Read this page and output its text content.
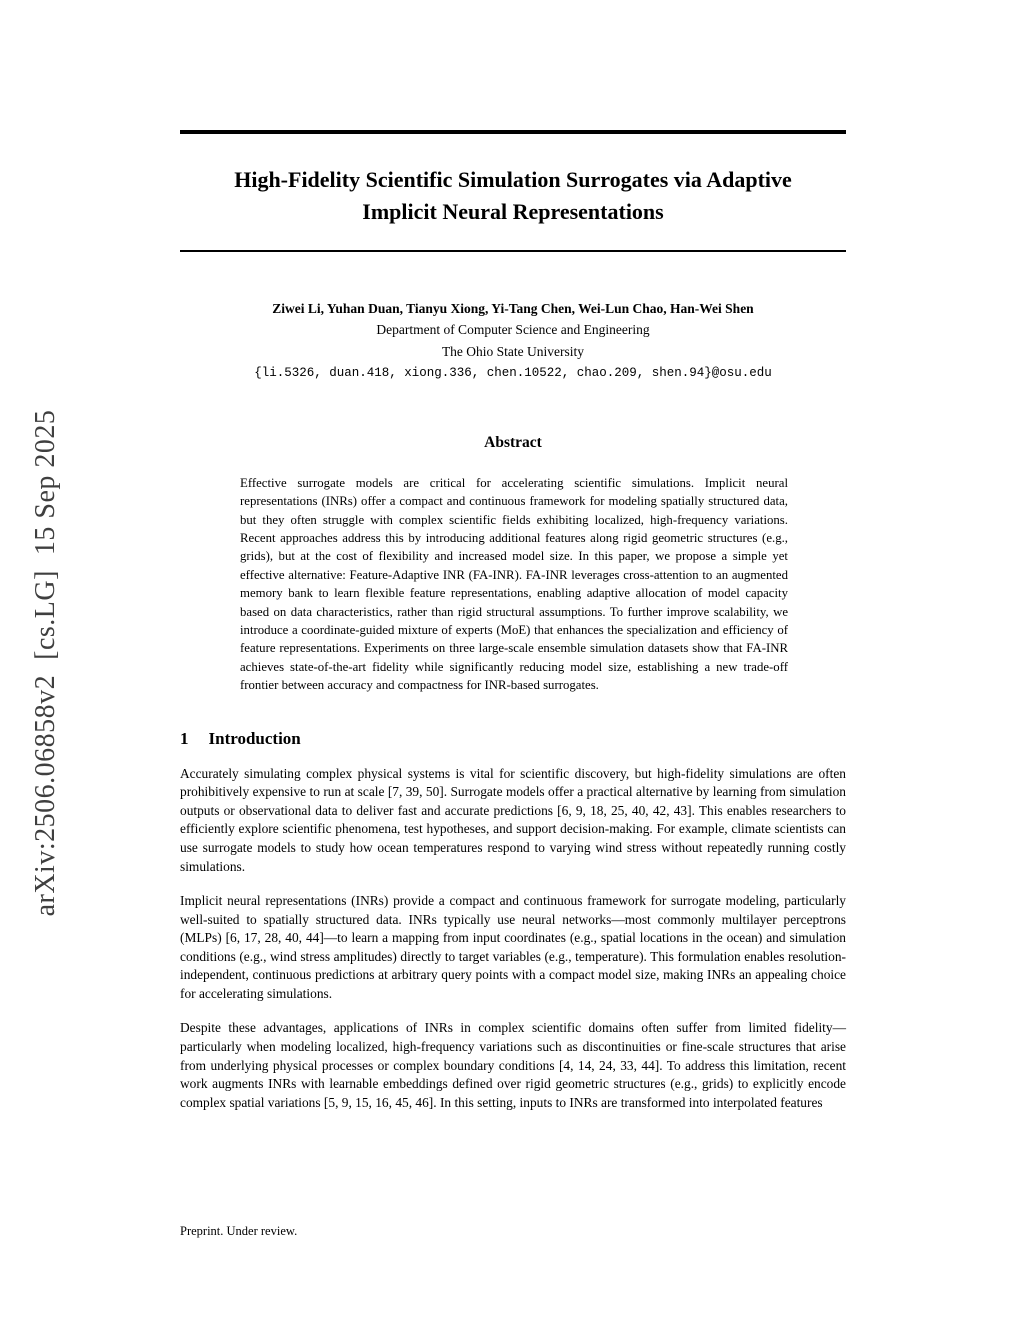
arXiv:2506.06858v2  [cs.LG]  15 Sep 2025
High-Fidelity Scientific Simulation Surrogates via Adaptive Implicit Neural Representations
Ziwei Li, Yuhan Duan, Tianyu Xiong, Yi-Tang Chen, Wei-Lun Chao, Han-Wei Shen
Department of Computer Science and Engineering
The Ohio State University
{li.5326, duan.418, xiong.336, chen.10522, chao.209, shen.94}@osu.edu
Abstract

Effective surrogate models are critical for accelerating scientific simulations. Implicit neural representations (INRs) offer a compact and continuous framework for modeling spatially structured data, but they often struggle with complex scientific fields exhibiting localized, high-frequency variations. Recent approaches address this by introducing additional features along rigid geometric structures (e.g., grids), but at the cost of flexibility and increased model size. In this paper, we propose a simple yet effective alternative: Feature-Adaptive INR (FA-INR). FA-INR leverages cross-attention to an augmented memory bank to learn flexible feature representations, enabling adaptive allocation of model capacity based on data characteristics, rather than rigid structural assumptions. To further improve scalability, we introduce a coordinate-guided mixture of experts (MoE) that enhances the specialization and efficiency of feature representations. Experiments on three large-scale ensemble simulation datasets show that FA-INR achieves state-of-the-art fidelity while significantly reducing model size, establishing a new trade-off frontier between accuracy and compactness for INR-based surrogates.

1 Introduction

Accurately simulating complex physical systems is vital for scientific discovery, but high-fidelity simulations are often prohibitively expensive to run at scale [7, 39, 50]. Surrogate models offer a practical alternative by learning from simulation outputs or observational data to deliver fast and accurate predictions [6, 9, 18, 25, 40, 42, 43]. This enables researchers to efficiently explore scientific phenomena, test hypotheses, and support decision-making. For example, climate scientists can use surrogate models to study how ocean temperatures respond to varying wind stress without repeatedly running costly simulations.

Implicit neural representations (INRs) provide a compact and continuous framework for surrogate modeling, particularly well-suited to spatially structured data. INRs typically use neural networks—most commonly multilayer perceptrons (MLPs) [6, 17, 28, 40, 44]—to learn a mapping from input coordinates (e.g., spatial locations in the ocean) and simulation conditions (e.g., wind stress amplitudes) directly to target variables (e.g., temperature). This formulation enables resolution-independent, continuous predictions at arbitrary query points with a compact model size, making INRs an appealing choice for accelerating simulations.

Despite these advantages, applications of INRs in complex scientific domains often suffer from limited fidelity—particularly when modeling localized, high-frequency variations such as discontinuities or fine-scale structures that arise from underlying physical processes or complex boundary conditions [4, 14, 24, 33, 44]. To address this limitation, recent work augments INRs with learnable embeddings defined over rigid geometric structures (e.g., grids) to explicitly encode complex spatial variations [5, 9, 15, 16, 45, 46]. In this setting, inputs to INRs are transformed into interpolated features

Preprint. Under review.
